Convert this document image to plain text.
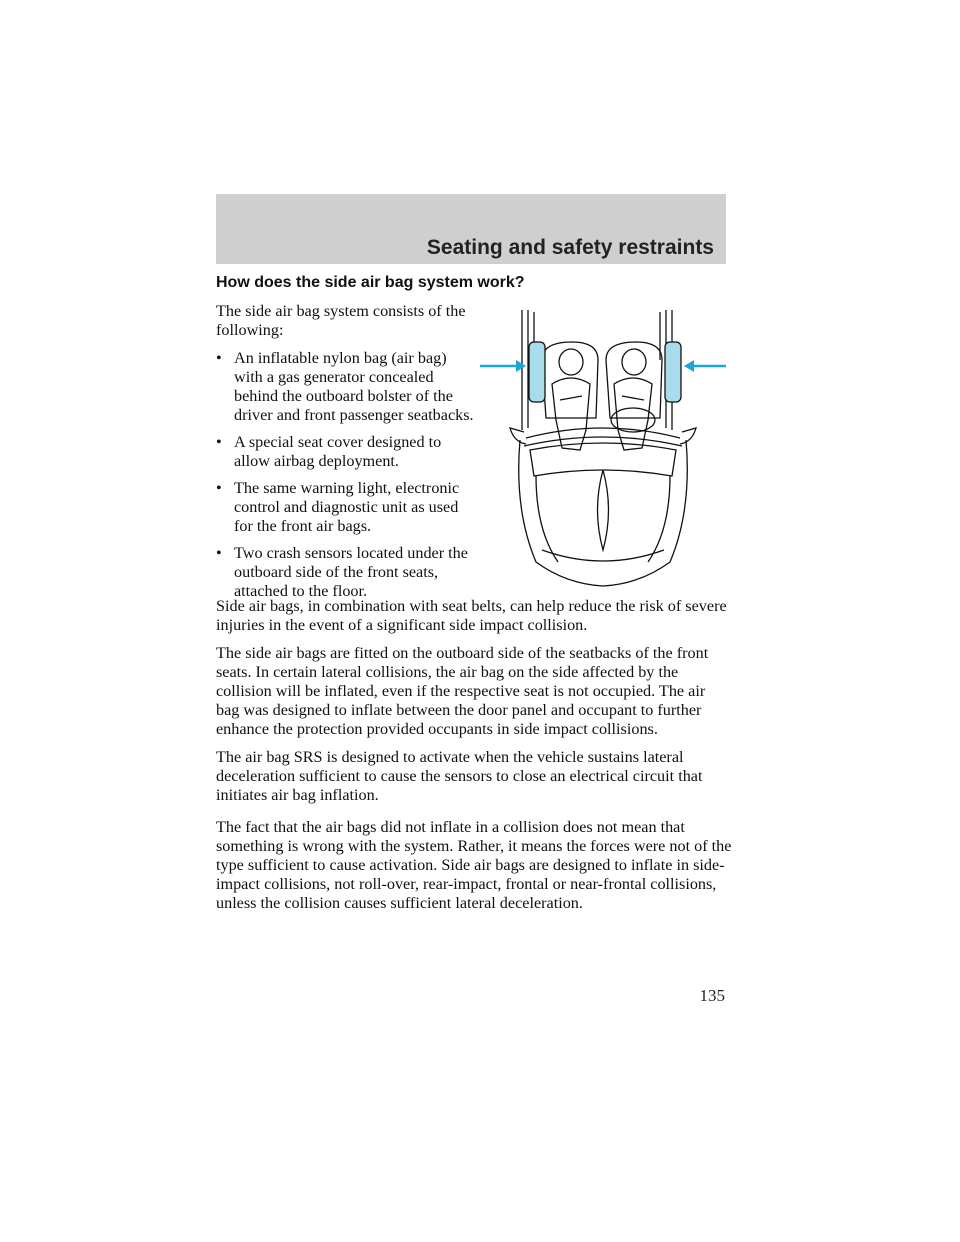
Seating and safety restraints
How does the side air bag system work?

The side air bag system consists of the following:

• An inflatable nylon bag (air bag) with a gas generator concealed behind the outboard bolster of the driver and front passenger seatbacks.
• A special seat cover designed to allow airbag deployment.
• The same warning light, electronic control and diagnostic unit as used for the front air bags.
• Two crash sensors located under the outboard side of the front seats, attached to the floor.

Side air bags, in combination with seat belts, can help reduce the risk of severe injuries in the event of a significant side impact collision.

The side air bags are fitted on the outboard side of the seatbacks of the front seats. In certain lateral collisions, the air bag on the side affected by the collision will be inflated, even if the respective seat is not occupied. The air bag was designed to inflate between the door panel and occupant to further enhance the protection provided occupants in side impact collisions.

The air bag SRS is designed to activate when the vehicle sustains lateral deceleration sufficient to cause the sensors to close an electrical circuit that initiates air bag inflation.

The fact that the air bags did not inflate in a collision does not mean that something is wrong with the system. Rather, it means the forces were not of the type sufficient to cause activation. Side air bags are designed to inflate in side-impact collisions, not roll-over, rear-impact, frontal or near-frontal collisions, unless the collision causes sufficient lateral deceleration.

135
